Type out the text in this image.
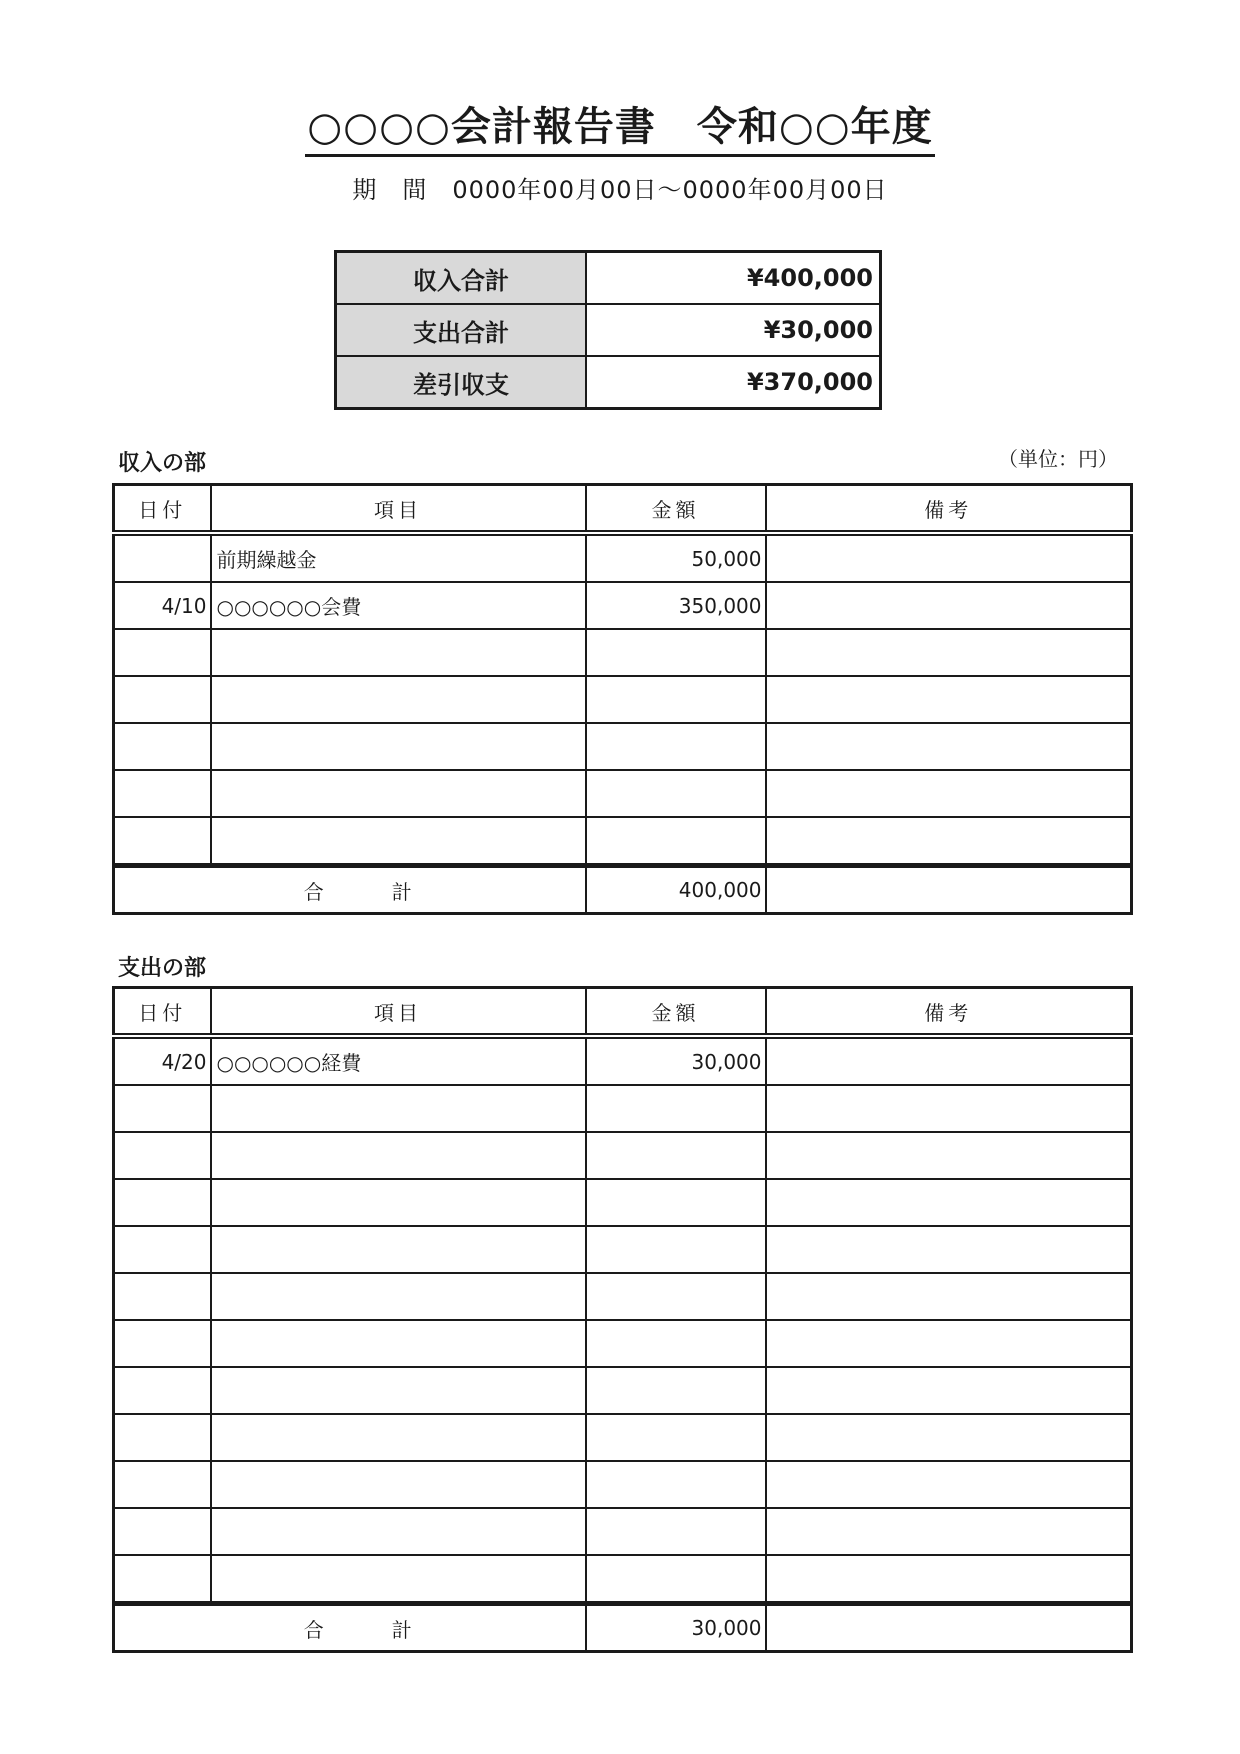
○○○○会計報告書　令和○○年度
期　間　0000年00月00日～0000年00月00日
収入合計	¥400,000
支出合計	¥30,000
差引収支	¥370,000
収入の部	（単位：円）
日付	項目	金額	備考
	前期繰越金	50,000	
4/10	○○○○○○会費	350,000	

合　計		400,000	
支出の部
日付	項目	金額	備考
4/20	○○○○○○経費	30,000	

合　計		30,000	
